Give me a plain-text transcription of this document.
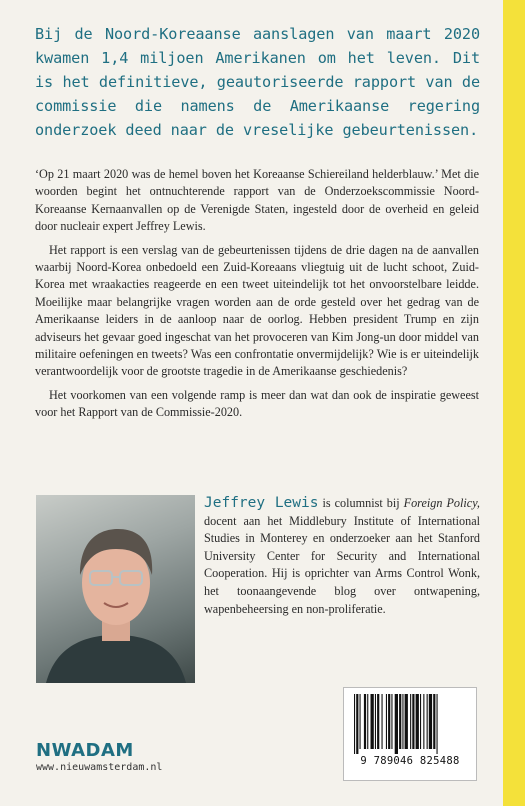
Bij de Noord-Koreaanse aanslagen van maart 2020 kwamen 1,4 miljoen Amerikanen om het leven. Dit is het definitieve, geautoriseerde rapport van de commissie die namens de Amerikaanse regering onderzoek deed naar de vreselijke gebeurtenissen.

‘Op 21 maart 2020 was de hemel boven het Koreaanse Schiereiland helderblauw.’ Met die woorden begint het ontnuchterende rapport van de Onderzoekscommissie Noord-Koreaanse Kernaanvallen op de Verenigde Staten, ingesteld door de overheid en geleid door nucleair expert Jeffrey Lewis.

Het rapport is een verslag van de gebeurtenissen tijdens de drie dagen na de aanvallen waarbij Noord-Korea onbedoeld een Zuid-Koreaans vliegtuig uit de lucht schoot, Zuid-Korea met wraakacties reageerde en een tweet uiteindelijk tot het onvoorstelbare leidde. Moeilijke maar belangrijke vragen worden aan de orde gesteld over het gedrag van de Amerikaanse leiders in de aanloop naar de oorlog. Hebben president Trump en zijn adviseurs het gevaar goed ingeschat van het provoceren van Kim Jong-un door middel van militaire oefeningen en tweets? Was een confrontatie onvermijdelijk? Wie is er uiteindelijk verantwoordelijk voor de grootste tragedie in de Amerikaanse geschiedenis?

Het voorkomen van een volgende ramp is meer dan wat dan ook de inspiratie geweest voor het Rapport van de Commissie-2020.

Jeffrey Lewis is columnist bij Foreign Policy, docent aan het Middlebury Institute of International Studies in Monterey en onderzoeker aan het Stanford University Center for Security and International Cooperation. Hij is oprichter van Arms Control Wonk, het toonaangevende blog over ontwapening, wapenbeheersing en non-proliferatie.
NWADAM
www.nieuwamsterdam.nl
9 789046 825488
